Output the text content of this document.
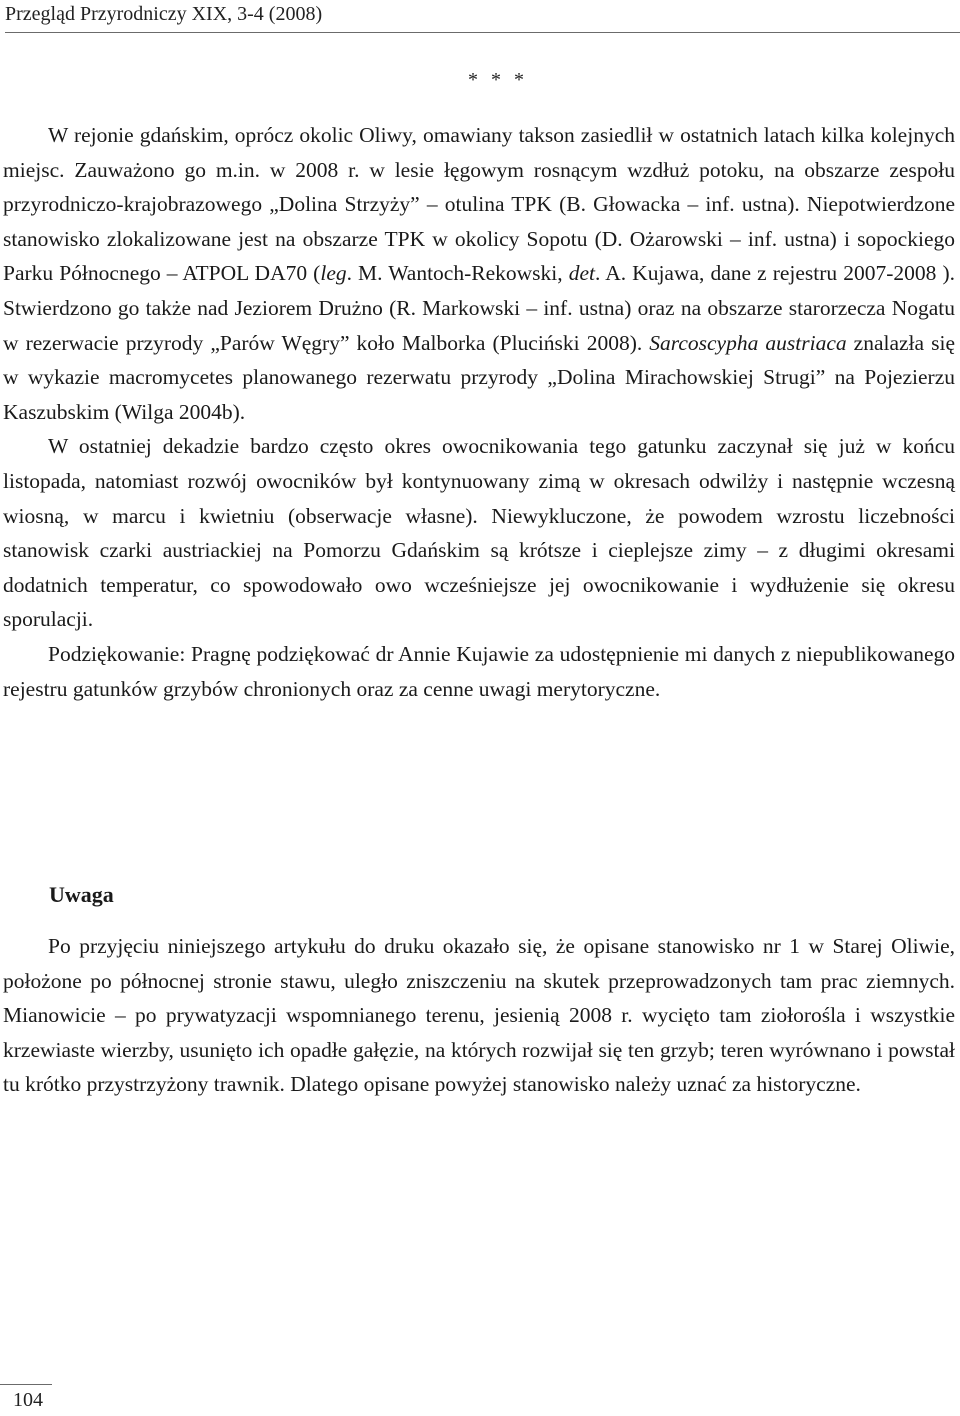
Przegląd Przyrodniczy XIX, 3-4 (2008)
* * *

W rejonie gdańskim, oprócz okolic Oliwy, omawiany takson zasiedlił w ostatnich latach kilka kolejnych miejsc. Zauważono go m.in. w 2008 r. w lesie łęgowym rosnącym wzdłuż potoku, na obszarze zespołu przyrodniczo-krajobrazowego „Dolina Strzyży” – otulina TPK (B. Głowacka – inf. ustna). Niepotwierdzone stanowisko zlokalizowane jest na obszarze TPK w okolicy Sopotu (D. Ożarowski – inf. ustna) i sopockiego Parku Północnego – ATPOL DA70 (leg. M. Wantoch-Rekowski, det. A. Kujawa, dane z rejestru 2007-2008 ). Stwierdzono go także nad Jeziorem Drużno (R. Markowski – inf. ustna) oraz na obszarze starorzecza Nogatu w rezerwacie przyrody „Parów Węgry” koło Malborka (Pluciński 2008). Sarcoscypha austriaca znalazła się w wykazie macromycetes planowanego rezerwatu przyrody „Dolina Mirachowskiej Strugi” na Pojezierzu Kaszubskim (Wilga 2004b).

W ostatniej dekadzie bardzo często okres owocnikowania tego gatunku zaczynał się już w końcu listopada, natomiast rozwój owocników był kontynuowany zimą w okresach odwilży i następnie wczesną wiosną, w marcu i kwietniu (obserwacje własne). Niewykluczone, że powodem wzrostu liczebności stanowisk czarki austriackiej na Pomorzu Gdańskim są krótsze i cieplejsze zimy – z długimi okresami dodatnich temperatur, co spowodowało owo wcześniejsze jej owocnikowanie i wydłużenie się okresu sporulacji.

Podziękowanie: Pragnę podziękować dr Annie Kujawie za udostępnienie mi danych z niepublikowanego rejestru gatunków grzybów chronionych oraz za cenne uwagi merytoryczne.

Uwaga

Po przyjęciu niniejszego artykułu do druku okazało się, że opisane stanowisko nr 1 w Starej Oliwie, położone po północnej stronie stawu, uległo zniszczeniu na skutek przeprowadzonych tam prac ziemnych. Mianowicie – po prywatyzacji wspomnianego terenu, jesienią 2008 r. wycięto tam ziołorośla i wszystkie krzewiaste wierzby, usunięto ich opadłe gałęzie, na których rozwijał się ten grzyb; teren wyrównano i powstał tu krótko przystrzyżony trawnik. Dlatego opisane powyżej stanowisko należy uznać za historyczne.

104
